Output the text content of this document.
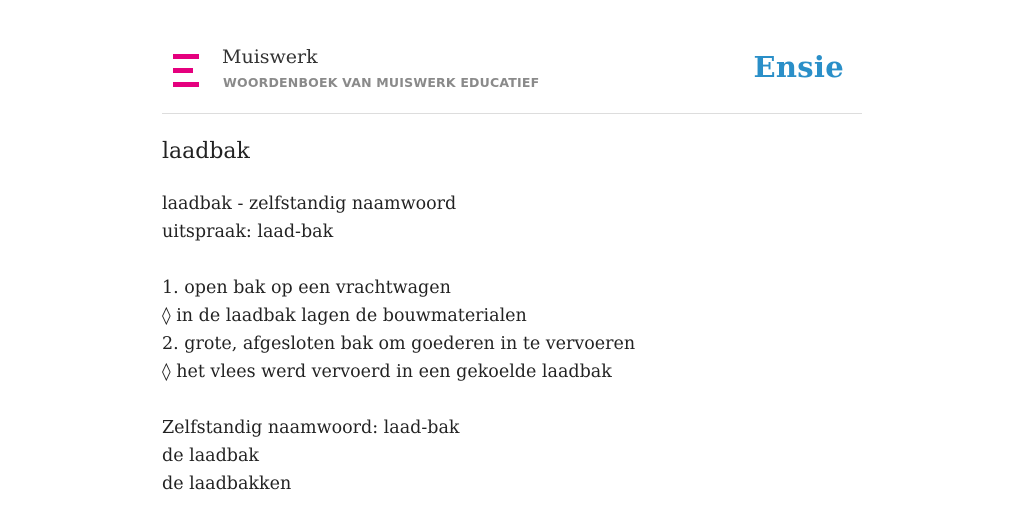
Muiswerk
WOORDENBOEK VAN MUISWERK EDUCATIEF	Ensie
laadbak
laadbak - zelfstandig naamwoord
uitspraak: laad-bak
1. open bak op een vrachtwagen
◊ in de laadbak lagen de bouwmaterialen
2. grote, afgesloten bak om goederen in te vervoeren
◊ het vlees werd vervoerd in een gekoelde laadbak
Zelfstandig naamwoord: laad-bak
de laadbak
de laadbakken
